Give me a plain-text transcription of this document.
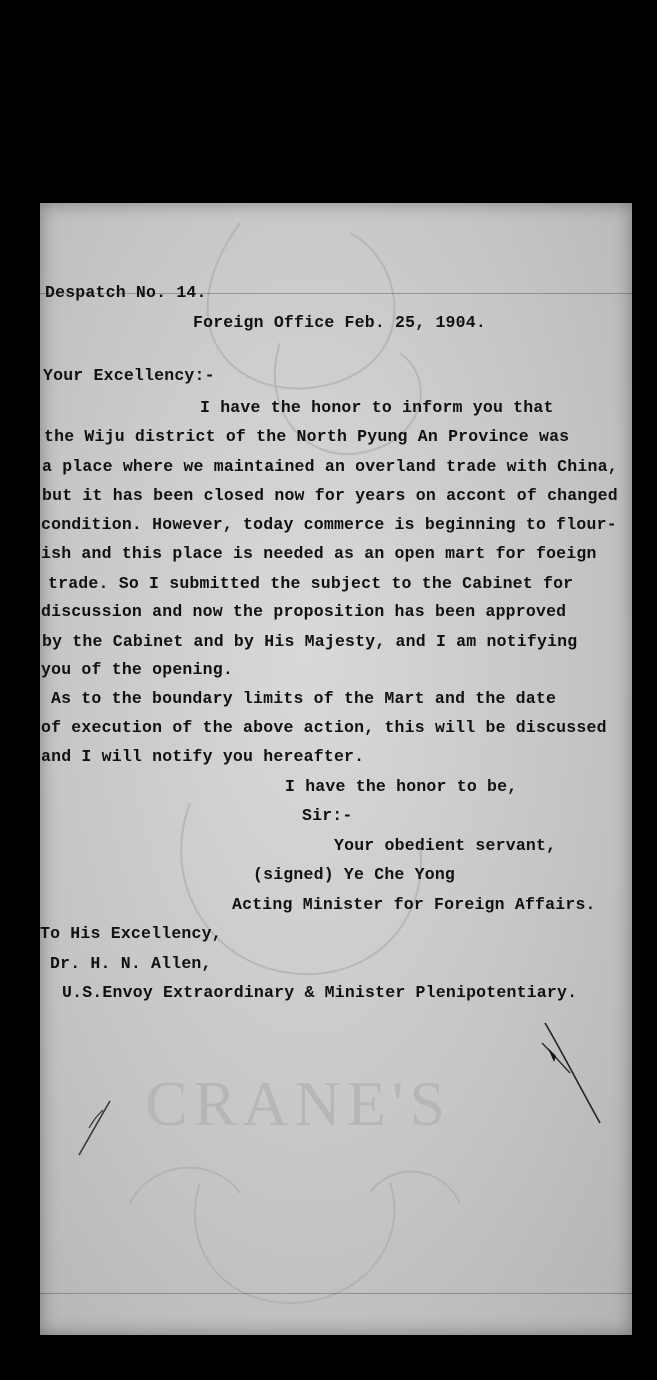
CRANE'S
Despatch No. 14.
Foreign Office Feb. 25, 1904.
Your Excellency:-
I have the honor to inform you that
the Wiju district of the North Pyung An Province was
a place where we maintained an overland trade with China,
but it has been closed now for years on accont of changed
condition. However, today commerce is beginning to flour-
ish and this place is needed as an open mart for foeign
trade. So I submitted the subject to the Cabinet for
discussion and now the proposition has been approved
by the Cabinet and by His Majesty, and I am notifying
you of the opening.
As to the boundary limits of the Mart and the date
of execution of the above action, this will be discussed
and I will notify you hereafter.
I have the honor to be,
Sir:-
Your obedient servant,
(signed) Ye Che Yong
Acting Minister for Foreign Affairs.
To His Excellency,
Dr. H. N. Allen,
U.S.Envoy Extraordinary & Minister Plenipotentiary.
